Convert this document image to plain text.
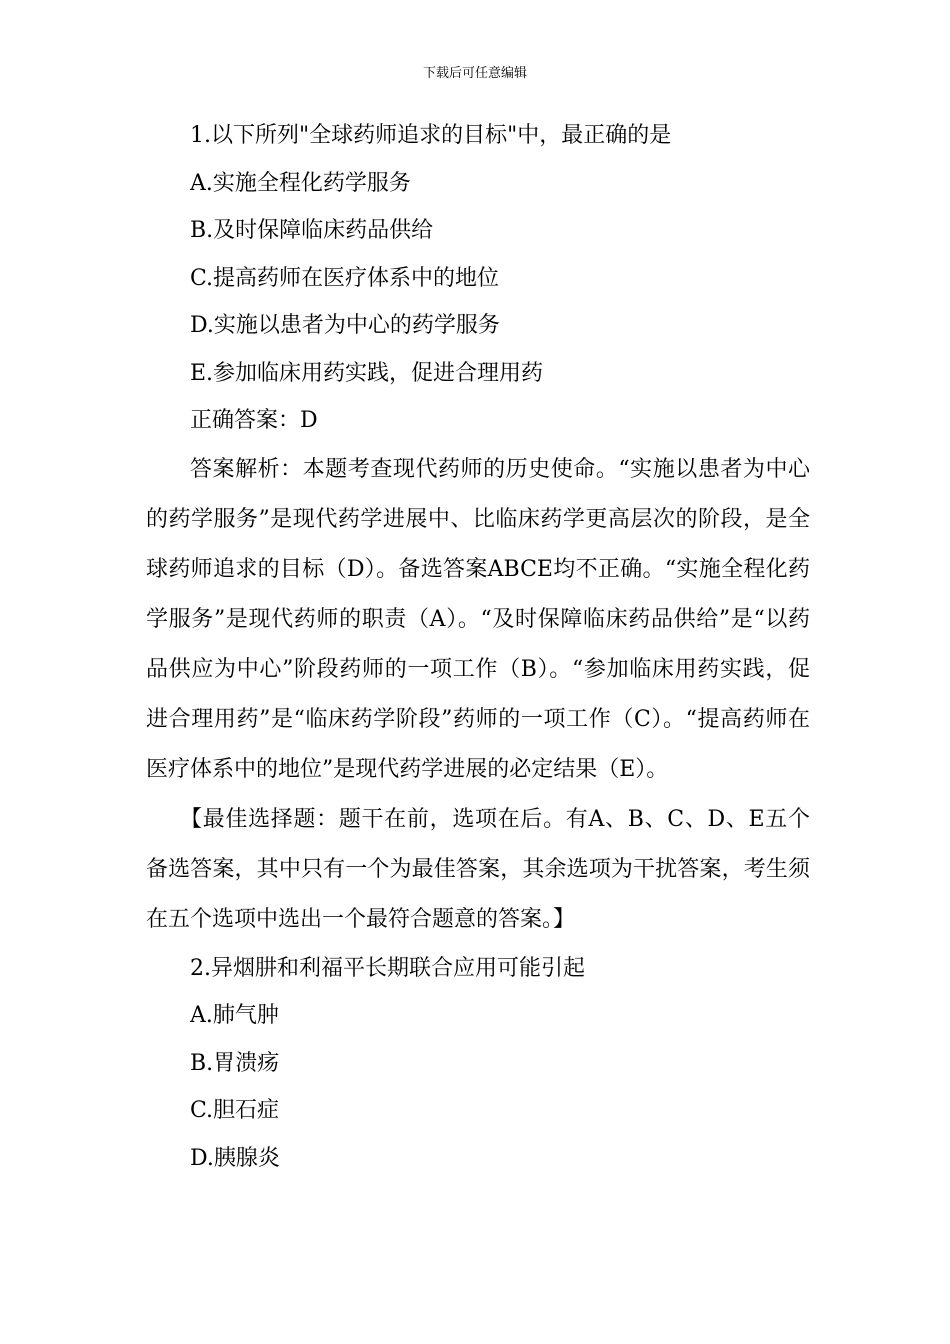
下载后可任意编辑

1.以下所列"全球药师追求的目标"中，最正确的是

A.实施全程化药学服务

B.及时保障临床药品供给

C.提高药师在医疗体系中的地位

D.实施以患者为中心的药学服务

E.参加临床用药实践，促进合理用药

正确答案：D

答案解析：本题考查现代药师的历史使命。“实施以患者为中心的药学服务”是现代药学进展中、比临床药学更高层次的阶段，是全球药师追求的目标（D）。备选答案ABCE均不正确。“实施全程化药学服务”是现代药师的职责（A）。“及时保障临床药品供给”是“以药品供应为中心”阶段药师的一项工作（B）。“参加临床用药实践，促进合理用药”是“临床药学阶段”药师的一项工作（C）。“提高药师在医疗体系中的地位”是现代药学进展的必定结果（E）。

【最佳选择题：题干在前，选项在后。有A、B、C、D、E五个备选答案，其中只有一个为最佳答案，其余选项为干扰答案，考生须在五个选项中选出一个最符合题意的答案。】

2.异烟肼和利福平长期联合应用可能引起

A.肺气肿

B.胃溃疡

C.胆石症

D.胰腺炎
